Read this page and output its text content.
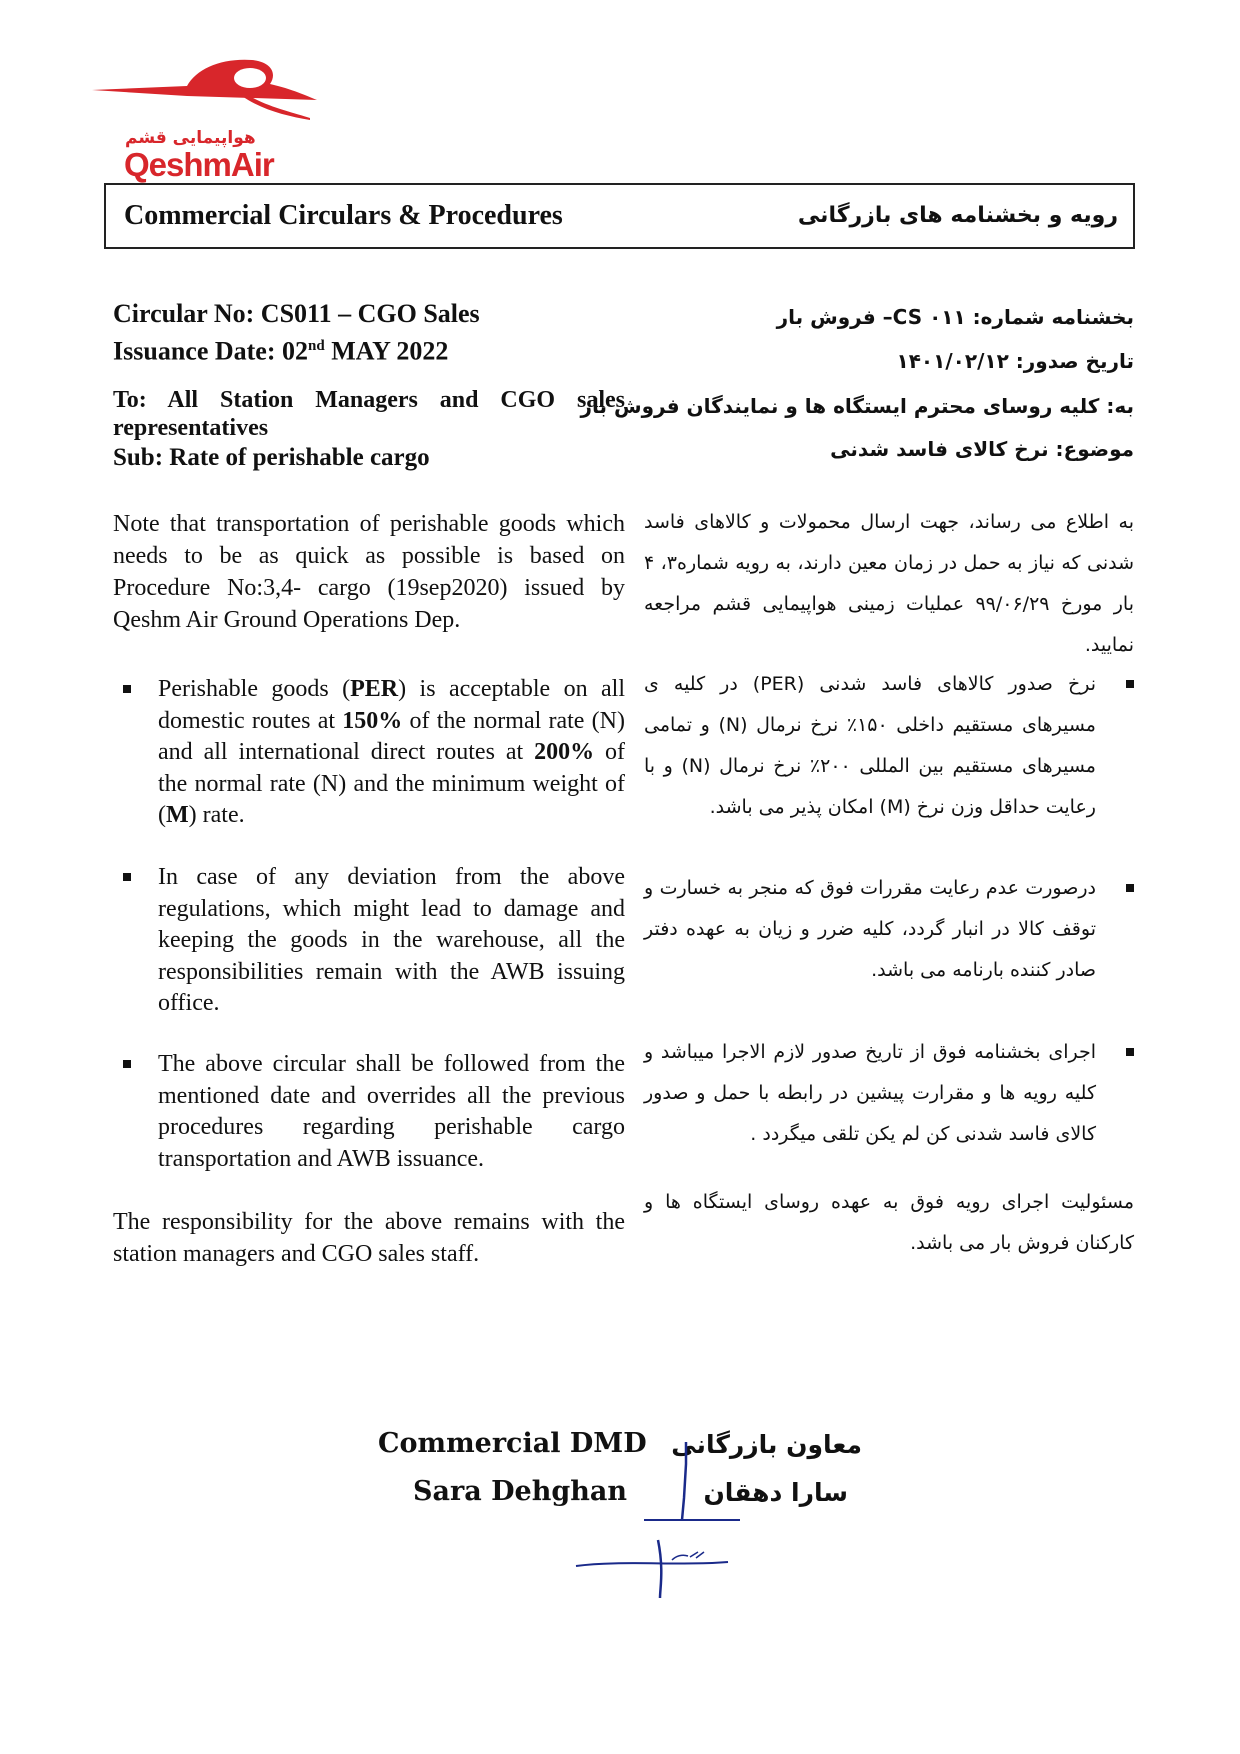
هواپیمایی قشم
QeshmAir
Commercial Circulars & Procedures	رویه و بخشنامه های بازرگانی
Circular No: CS011 – CGO Sales
Issuance Date: 02nd MAY 2022
To: All Station Managers and CGO sales representatives
Sub: Rate of perishable cargo
Note that transportation of perishable goods which needs to be as quick as possible is based on Procedure No:3,4- cargo (19sep2020) issued by Qeshm Air Ground Operations Dep.
Perishable goods (PER) is acceptable on all domestic routes at 150% of the normal rate (N) and all international direct routes at 200% of the normal rate (N) and the minimum weight of (M) rate.
In case of any deviation from the above regulations, which might lead to damage and keeping the goods in the warehouse, all the responsibilities remain with the AWB issuing office.
The above circular shall be followed from the mentioned date and overrides all the previous procedures regarding perishable cargo transportation and AWB issuance.
The responsibility for the above remains with the station managers and CGO sales staff.
بخشنامه شماره: ۰۱۱ CS– فروش بار
تاریخ صدور: ۱۴۰۱/۰۲/۱۲
به: کلیه روسای محترم ایستگاه ها و نمایندگان فروش بار
موضوع: نرخ کالای فاسد شدنی
به اطلاع می رساند، جهت ارسال محمولات و کالاهای فاسد شدنی که نیاز به حمل در زمان معین دارند، به رویه شماره۳، ۴ بار مورخ ۹۹/۰۶/۲۹ عملیات زمینی هواپیمایی قشم مراجعه نمایید.
نرخ صدور کالاهای فاسد شدنی (PER) در کلیه ی مسیرهای مستقیم داخلی ۱۵۰٪ نرخ نرمال (N) و تمامی مسیرهای مستقیم بین المللی ۲۰۰٪ نرخ نرمال (N) و با رعایت حداقل وزن نرخ (M) امکان پذیر می باشد.
درصورت عدم رعایت مقررات فوق که منجر به خسارت و توقف کالا در انبار گردد، کلیه ضرر و زیان به عهده دفتر صادر کننده بارنامه می باشد.
اجرای بخشنامه فوق از تاریخ صدور لازم الاجرا میباشد و کلیه رویه ها و مقرارت پیشین در رابطه با حمل و صدور کالای فاسد شدنی کن لم یکن تلقی میگردد .
مسئولیت اجرای رویه فوق به عهده روسای ایستگاه ها و کارکنان فروش بار می باشد.
Commercial DMD
Sara Dehghan
معاون بازرگانی
سارا دهقان
